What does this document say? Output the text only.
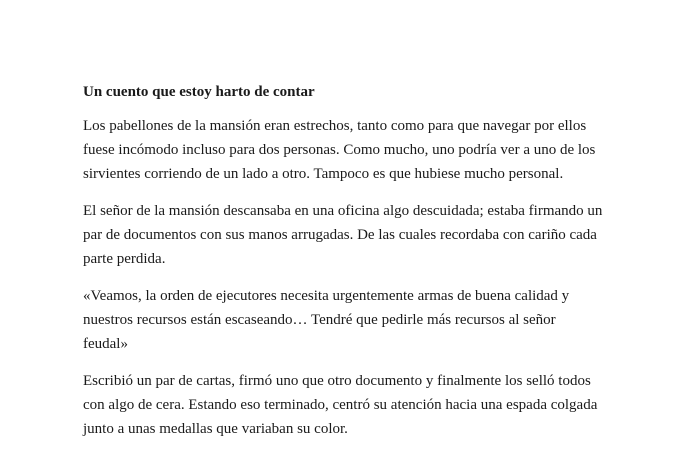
Un cuento que estoy harto de contar

Los pabellones de la mansión eran estrechos, tanto como para que navegar por ellos fuese incómodo incluso para dos personas. Como mucho, uno podría ver a uno de los sirvientes corriendo de un lado a otro. Tampoco es que hubiese mucho personal.

El señor de la mansión descansaba en una oficina algo descuidada; estaba firmando un par de documentos con sus manos arrugadas. De las cuales recordaba con cariño cada parte perdida.

«Veamos, la orden de ejecutores necesita urgentemente armas de buena calidad y nuestros recursos están escaseando… Tendré que pedirle más recursos al señor feudal»

Escribió un par de cartas, firmó uno que otro documento y finalmente los selló todos con algo de cera. Estando eso terminado, centró su atención hacia una espada colgada junto a unas medallas que variaban su color.
